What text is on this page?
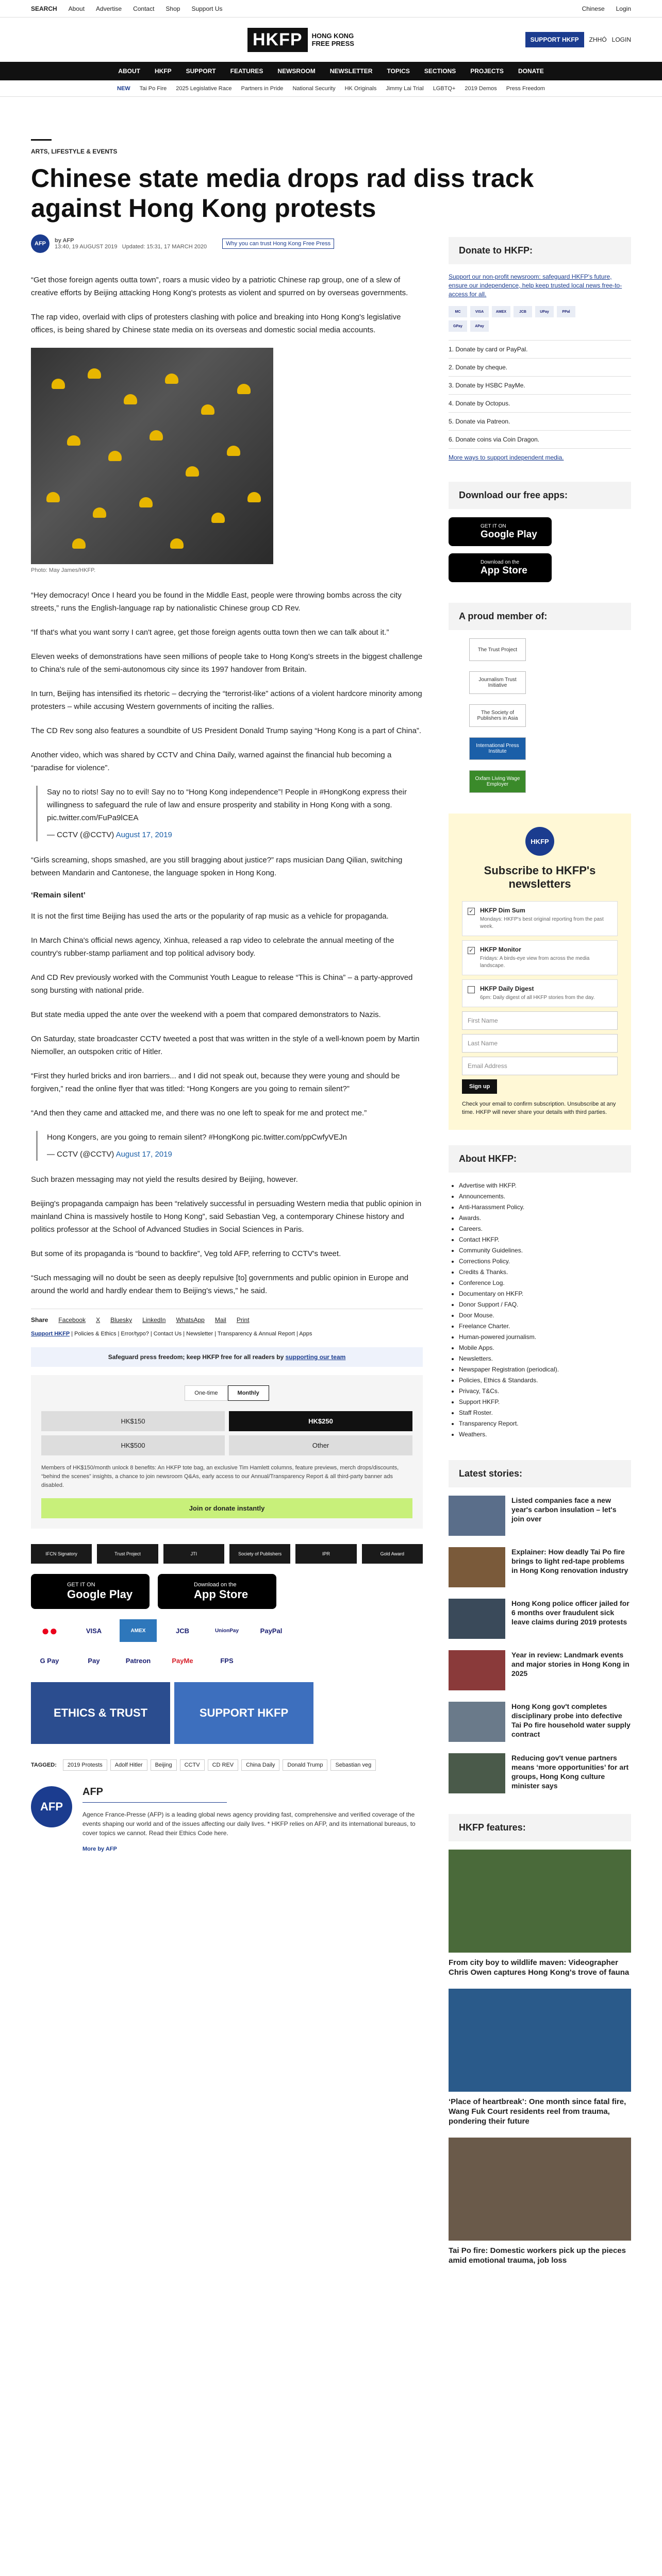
SEARCH About Advertise Contact Shop Support Us	Chinese Login
HKFP	HONG KONG
FREE PRESS	SUPPORT HKFP	ZHHÓ LOGIN
ABOUT HKFP SUPPORT FEATURES NEWSROOM NEWSLETTER TOPICS SECTIONS PROJECTS DONATE
NEW Tai Po Fire 2025 Legislative Race Partners in Pride National Security HK Originals Jimmy Lai Trial LGBTQ+ 2019 Demos Press Freedom
ARTS, LIFESTYLE & EVENTS
Chinese state media drops rad diss track against Hong Kong protests
AFP	by AFP
13:40, 19 AUGUST 2019 Updated: 15:31, 17 MARCH 2020	Why you can trust Hong Kong Free Press

“Get those foreign agents outta town”, roars a music video by a patriotic Chinese rap group, one of a slew of creative efforts by Beijing attacking Hong Kong's protests as violent and spurred on by overseas governments.

The rap video, overlaid with clips of protesters clashing with police and breaking into Hong Kong's legislative offices, is being shared by Chinese state media on its overseas and domestic social media accounts.

Photo: May James/HKFP.

“Hey democracy! Once I heard you be found in the Middle East, people were throwing bombs across the city streets,” runs the English-language rap by nationalistic Chinese group CD Rev.

“If that's what you want sorry I can't agree, get those foreign agents outta town then we can talk about it.”

Eleven weeks of demonstrations have seen millions of people take to Hong Kong's streets in the biggest challenge to China's rule of the semi-autonomous city since its 1997 handover from Britain.

In turn, Beijing has intensified its rhetoric – decrying the “terrorist-like” actions of a violent hardcore minority among protesters – while accusing Western governments of inciting the rallies.

The CD Rev song also features a soundbite of US President Donald Trump saying “Hong Kong is a part of China”.

Another video, which was shared by CCTV and China Daily, warned against the financial hub becoming a “paradise for violence”.

Say no to riots! Say no to evil! Say no to “Hong Kong independence”! People in #HongKong express their willingness to safeguard the rule of law and ensure prosperity and stability in Hong Kong with a song. pic.twitter.com/FuPa9lCEA

— CCTV (@CCTV) August 17, 2019

“Girls screaming, shops smashed, are you still bragging about justice?” raps musician Dang Qilian, switching between Mandarin and Cantonese, the language spoken in Hong Kong.

‘Remain silent’

It is not the first time Beijing has used the arts or the popularity of rap music as a vehicle for propaganda.

In March China's official news agency, Xinhua, released a rap video to celebrate the annual meeting of the country's rubber-stamp parliament and top political advisory body.

And CD Rev previously worked with the Communist Youth League to release “This is China” – a party-approved song bursting with national pride.

But state media upped the ante over the weekend with a poem that compared demonstrators to Nazis.

On Saturday, state broadcaster CCTV tweeted a post that was written in the style of a well-known poem by Martin Niemoller, an outspoken critic of Hitler.

“First they hurled bricks and iron barriers... and I did not speak out, because they were young and should be forgiven,” read the online flyer that was titled: “Hong Kongers are you going to remain silent?”

“And then they came and attacked me, and there was no one left to speak for me and protect me.”

Hong Kongers, are you going to remain silent? #HongKong pic.twitter.com/ppCwfyVEJn

— CCTV (@CCTV) August 17, 2019

Such brazen messaging may not yield the results desired by Beijing, however.

Beijing's propaganda campaign has been “relatively successful in persuading Western media that public opinion in mainland China is massively hostile to Hong Kong”, said Sebastian Veg, a contemporary Chinese history and politics professor at the School of Advanced Studies in Social Sciences in Paris.

But some of its propaganda is “bound to backfire”, Veg told AFP, referring to CCTV's tweet.

“Such messaging will no doubt be seen as deeply repulsive [to] governments and public opinion in Europe and around the world and hardly endear them to Beijing's views,” he said.

Share Facebook X Bluesky LinkedIn WhatsApp Mail Print
Support HKFP | Policies & Ethics | Error/typo? | Contact Us | Newsletter | Transparency & Annual Report | Apps
Safeguard press freedom; keep HKFP free for all readers by supporting our team
One-time	Monthly
HK$150	HK$250
HK$500	Other
Members of HK$150/month unlock 8 benefits: An HKFP tote bag, an exclusive Tim Hamlett columns, feature previews, merch drops/discounts, “behind the scenes” insights, a chance to join newsroom Q&As, early access to our Annual/Transparency Report & all third-party banner ads disabled.
Join or donate instantly
IFCN Signatory	Trust Project	JTI	Society of Publishers	IPR	Gold Award
GET IT ON
Google Play
Download on the
App Store
●●	VISA	AMEX	JCB	UnionPay	PayPal
G Pay	Pay	Patreon	PayMe	FPS
ETHICS & TRUST	SUPPORT HKFP
TAGGED:	2019 Protests	Adolf Hitler	Beijing	CCTV	CD REV	China Daily	Donald Trump	Sebastian veg
AFP
AFP
Agence France-Presse (AFP) is a leading global news agency providing fast, comprehensive and verified coverage of the events shaping our world and of the issues affecting our daily lives. * HKFP relies on AFP, and its international bureaus, to cover topics we cannot. Read their Ethics Code here.
More by AFP
Donate to HKFP:
Support our non-profit newsroom: safeguard HKFP's future, ensure our independence, help keep trusted local news free-to-access for all.
MC	VISA	AMEX	JCB	UPay	PPal
GPay	APay
1. Donate by card or PayPal.
2. Donate by cheque.
3. Donate by HSBC PayMe.
4. Donate by Octopus.
5. Donate via Patreon.
6. Donate coins via Coin Dragon.
More ways to support independent media.
Download our free apps:
GET IT ON
Google Play
Download on the
App Store
A proud member of:
The Trust Project
Journalism Trust Initiative
The Society of Publishers in Asia
International Press Institute
Oxfam Living Wage Employer
HKFP
Subscribe to HKFP's newsletters
✓ HKFP Dim Sum
Mondays: HKFP's best original reporting from the past week.
✓ HKFP Monitor
Fridays: A birds-eye view from across the media landscape.
HKFP Daily Digest
6pm: Daily digest of all HKFP stories from the day.
First Name
Last Name
Email Address
Sign up
Check your email to confirm subscription. Unsubscribe at any time. HKFP will never share your details with third parties.
About HKFP:
• Advertise with HKFP.
• Announcements.
• Anti-Harassment Policy.
• Awards.
• Careers.
• Contact HKFP.
• Community Guidelines.
• Corrections Policy.
• Credits & Thanks.
• Conference Log.
• Documentary on HKFP.
• Donor Support / FAQ.
• Door Mouse.
• Freelance Charter.
• Human-powered journalism.
• Mobile Apps.
• Newsletters.
• Newspaper Registration (periodical).
• Policies, Ethics & Standards.
• Privacy, T&Cs.
• Support HKFP.
• Staff Roster.
• Transparency Report.
• Weathers.
Latest stories:
Listed companies face a new year's carbon insulation – let's join over
Explainer: How deadly Tai Po fire brings to light red-tape problems in Hong Kong renovation industry
Hong Kong police officer jailed for 6 months over fraudulent sick leave claims during 2019 protests
Year in review: Landmark events and major stories in Hong Kong in 2025
Hong Kong gov't completes disciplinary probe into defective Tai Po fire household water supply contract
Reducing gov't venue partners means ‘more opportunities’ for art groups, Hong Kong culture minister says
HKFP features:
From city boy to wildlife maven: Videographer Chris Owen captures Hong Kong's trove of fauna
‘Place of heartbreak’: One month since fatal fire, Wang Fuk Court residents reel from trauma, pondering their future
Tai Po fire: Domestic workers pick up the pieces amid emotional trauma, job loss
